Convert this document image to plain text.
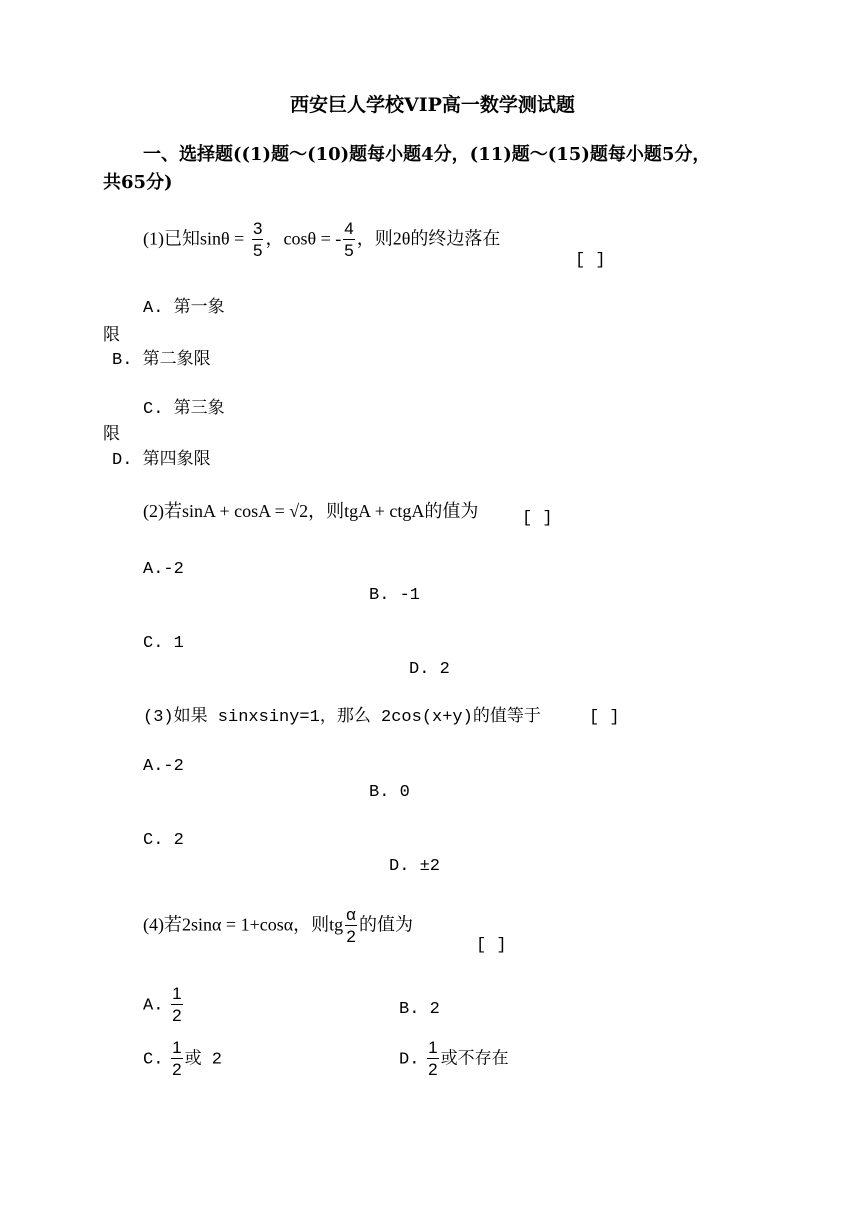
西安巨人学校VIP高一数学测试题
一、选择题((1)题～(10)题每小题4分，(11)题～(15)题每小题5分，
共65分)
(1)已知$\sin\theta = \frac{3}{5}$ ，cosθ = - $\frac{4}{5}$ ，则2θ的终边落在
[ ]
A. 第一象
限
B. 第二象限
C. 第三象
限
D. 第四象限
(2)若sinA + cosA = √2，则tgA + ctgA的值为	[ ]
A.-2
B. -1
C. 1
D. 2
(3)如果 sinxsiny=1，那么 2cos(x+y)的值等于	[ ]
A.-2
B. 0
C. 2
D. ±2
(4)若2sinα = 1+cosα，则tg $\frac{\alpha}{2}$ 的值为
[ ]
A. $\frac{1}{2}$	B. 2
C. $\frac{1}{2}$ 或 2	D. $\frac{1}{2}$ 或不存在
